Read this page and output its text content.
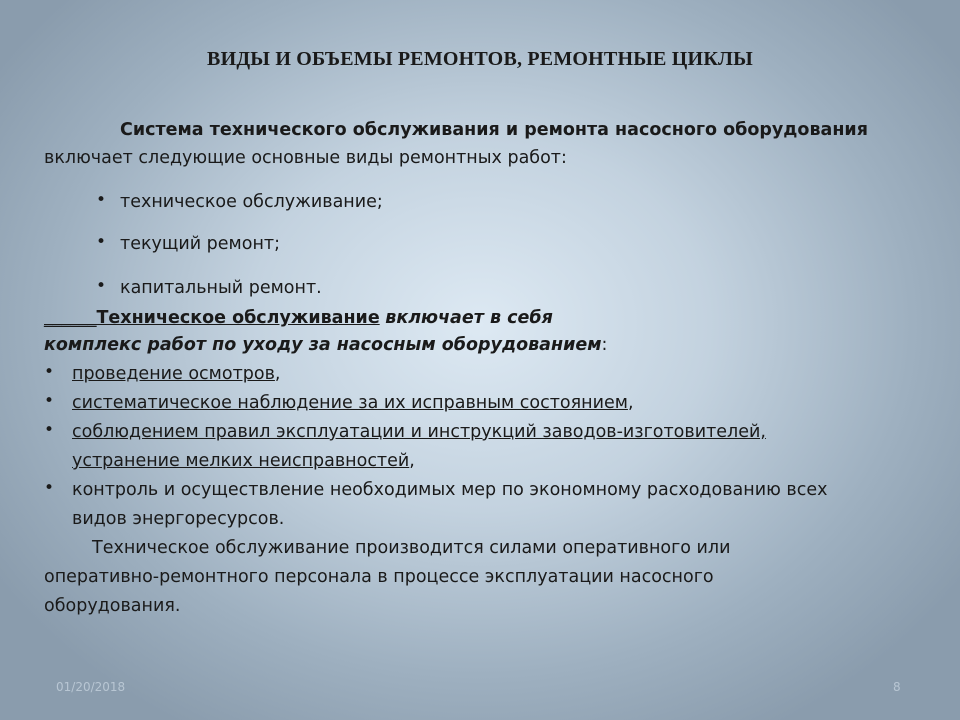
ВИДЫ И ОБЪЕМЫ РЕМОНТОВ, РЕМОНТНЫЕ ЦИКЛЫ
Система технического обслуживания и ремонта насосного оборудования
включает следующие основные виды ремонтных работ:
• техническое обслуживание;
• текущий ремонт;
• капитальный ремонт.
______Техническое обслуживание включает в себя
комплекс работ по уходу за насосным оборудованием:
• проведение осмотров,
• систематическое наблюдение за их исправным состоянием,
• соблюдением правил эксплуатации и инструкций заводов-изготовителей,
устранение мелких неисправностей,
• контроль и осуществление необходимых мер по экономному расходованию всех
видов энергоресурсов.
Техническое обслуживание производится силами оперативного или
оперативно-ремонтного персонала в процессе эксплуатации насосного
оборудования.
01/20/2018	8
